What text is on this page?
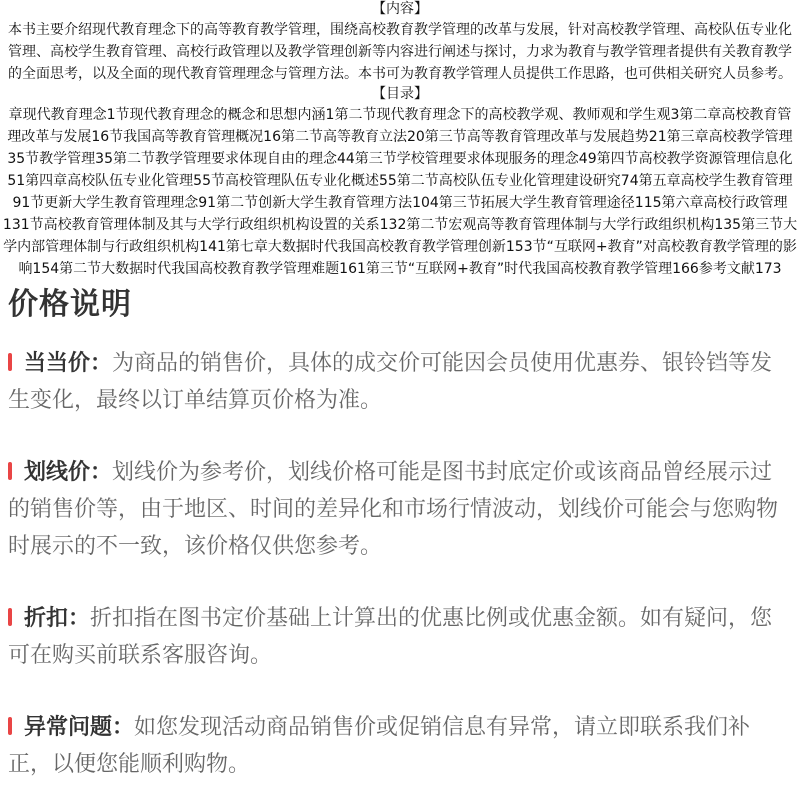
【内容】

本书主要介绍现代教育理念下的高等教育教学管理，围绕高校教育教学管理的改革与发展，针对高校教学管理、高校队伍专业化管理、高校学生教育管理、高校行政管理以及教学管理创新等内容进行阐述与探讨，力求为教育与教学管理者提供有关教育教学的全面思考，以及全面的现代教育管理理念与管理方法。本书可为教育教学管理人员提供工作思路，也可供相关研究人员参考。

【目录】

章现代教育理念1节现代教育理念的概念和思想内涵1第二节现代教育理念下的高校教学观、教师观和学生观3第二章高校教育管理改革与发展16节我国高等教育管理概况16第二节高等教育立法20第三节高等教育管理改革与发展趋势21第三章高校教学管理35节教学管理35第二节教学管理要求体现自由的理念44第三节学校管理要求体现服务的理念49第四节高校教学资源管理信息化51第四章高校队伍专业化管理55节高校管理队伍专业化概述55第二节高校队伍专业化管理建设研究74第五章高校学生教育管理91节更新大学生教育管理理念91第二节创新大学生教育管理方法104第三节拓展大学生教育管理途径115第六章高校行政管理 131节高校教育管理体制及其与大学行政组织机构设置的关系132第二节宏观高等教育管理体制与大学行政组织机构135第三节大学内部管理体制与行政组织机构141第七章大数据时代我国高校教育教学管理创新153节“互联网+教育”对高校教育教学管理的影响154第二节大数据时代我国高校教育教学管理难题161第三节“互联网+教育”时代我国高校教育教学管理166参考文献173

价格说明
当当价：为商品的销售价，具体的成交价可能因会员使用优惠券、银铃铛等发生变化，最终以订单结算页价格为准。
划线价：划线价为参考价，划线价格可能是图书封底定价或该商品曾经展示过的销售价等，由于地区、时间的差异化和市场行情波动，划线价可能会与您购物时展示的不一致，该价格仅供您参考。
折扣：折扣指在图书定价基础上计算出的优惠比例或优惠金额。如有疑问，您可在购买前联系客服咨询。
异常问题：如您发现活动商品销售价或促销信息有异常，请立即联系我们补正，以便您能顺利购物。
